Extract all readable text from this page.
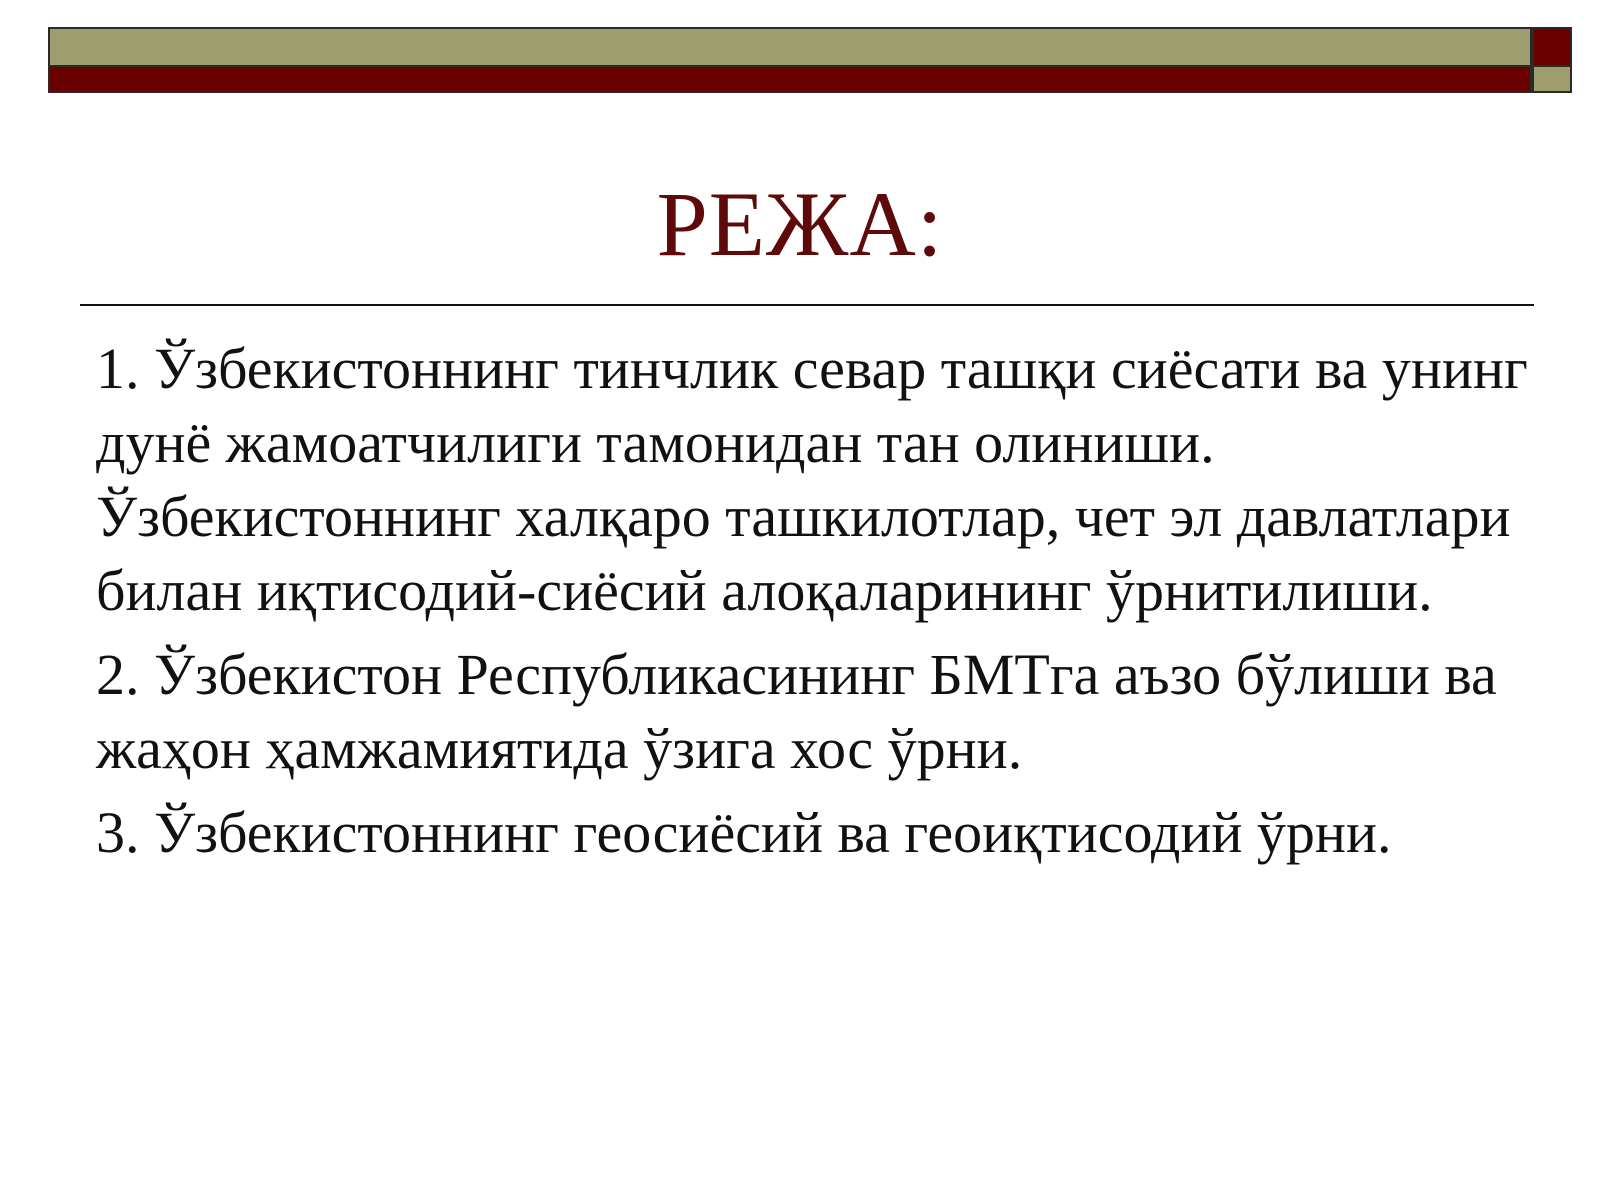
РЕЖА:

1. Ўзбекистоннинг тинчлик севар ташқи сиёсати ва унинг дунё жамоатчилиги тамонидан тан олиниши. Ўзбекистоннинг халқаро ташкилотлар, чет эл давлатлари билан иқтисодий-сиёсий алоқаларининг ўрнитилиши.

2. Ўзбекистон Республикасининг БМТга аъзо бўлиши ва жаҳон ҳамжамиятида ўзига хос ўрни.

3. Ўзбекистоннинг геосиёсий ва геоиқтисодий ўрни.
